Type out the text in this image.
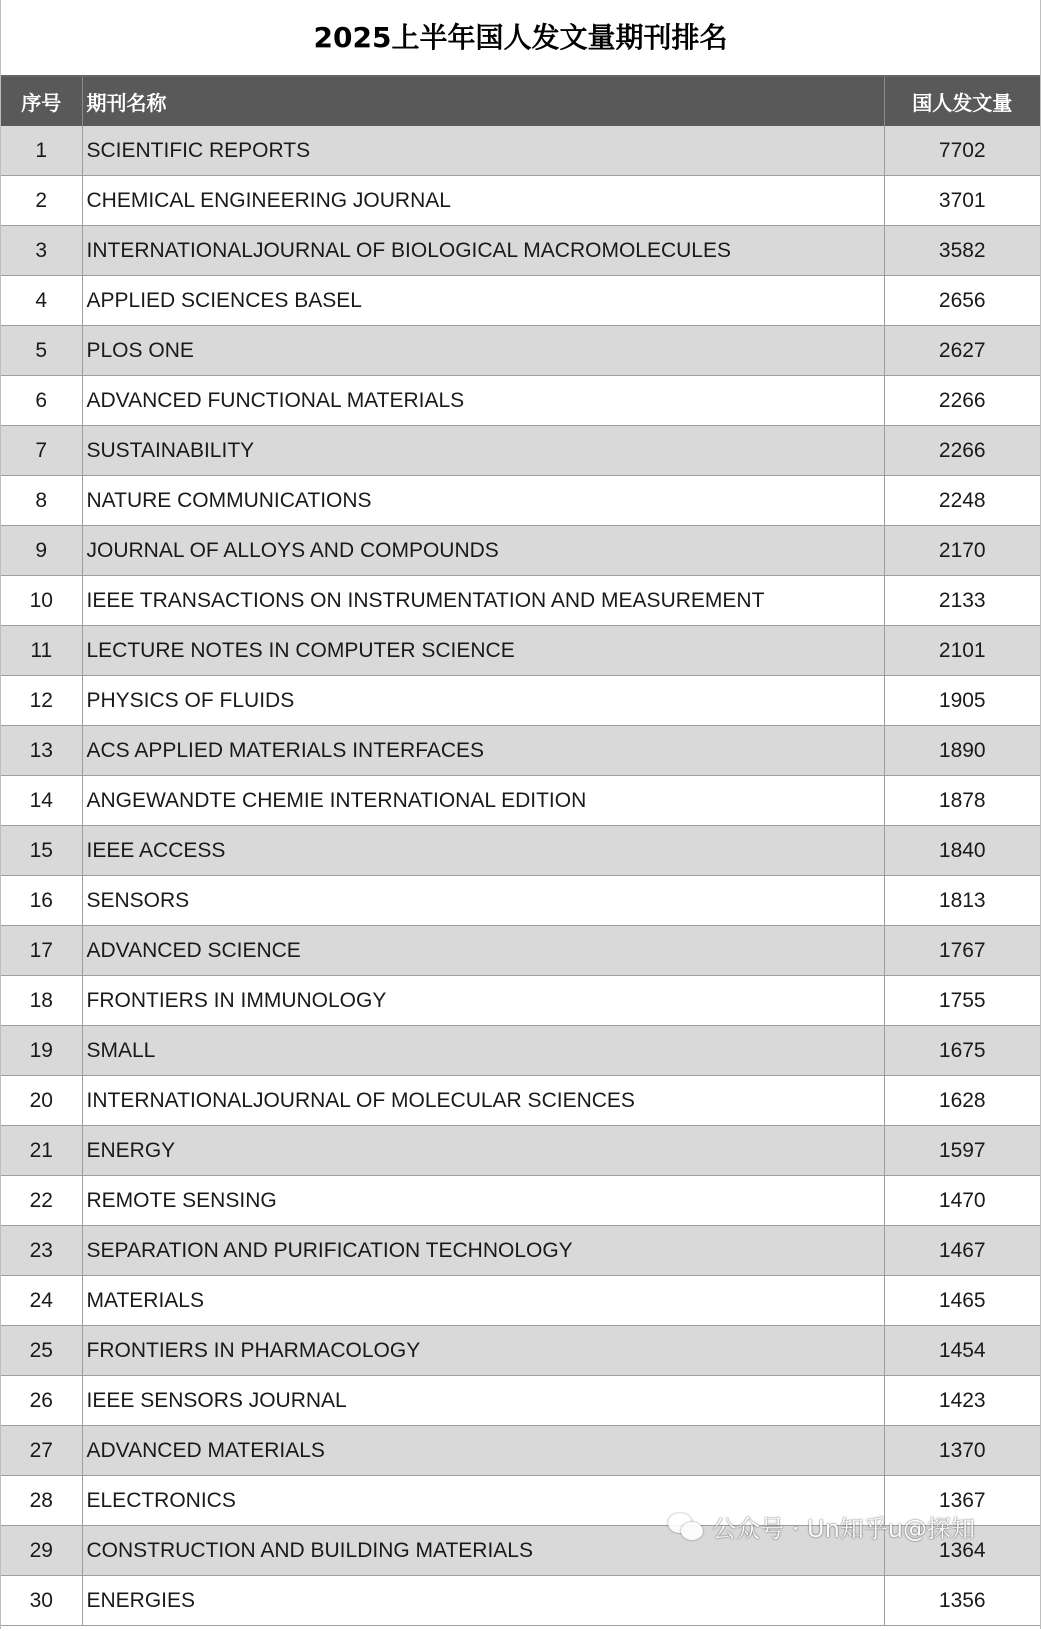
2025上半年国人发文量期刊排名
序号	期刊名称	国人发文量
1	SCIENTIFIC REPORTS	7702
2	CHEMICAL ENGINEERING JOURNAL	3701
3	INTERNATIONALJOURNAL OF BIOLOGICAL MACROMOLECULES	3582
4	APPLIED SCIENCES BASEL	2656
5	PLOS ONE	2627
6	ADVANCED FUNCTIONAL MATERIALS	2266
7	SUSTAINABILITY	2266
8	NATURE COMMUNICATIONS	2248
9	JOURNAL OF ALLOYS AND COMPOUNDS	2170
10	IEEE TRANSACTIONS ON INSTRUMENTATION AND MEASUREMENT	2133
11	LECTURE NOTES IN COMPUTER SCIENCE	2101
12	PHYSICS OF FLUIDS	1905
13	ACS APPLIED MATERIALS INTERFACES	1890
14	ANGEWANDTE CHEMIE INTERNATIONAL EDITION	1878
15	IEEE ACCESS	1840
16	SENSORS	1813
17	ADVANCED SCIENCE	1767
18	FRONTIERS IN IMMUNOLOGY	1755
19	SMALL	1675
20	INTERNATIONALJOURNAL OF MOLECULAR SCIENCES	1628
21	ENERGY	1597
22	REMOTE SENSING	1470
23	SEPARATION AND PURIFICATION TECHNOLOGY	1467
24	MATERIALS	1465
25	FRONTIERS IN PHARMACOLOGY	1454
26	IEEE SENSORS JOURNAL	1423
27	ADVANCED MATERIALS	1370
28	ELECTRONICS	1367
29	CONSTRUCTION AND BUILDING MATERIALS	1364
30	ENERGIES	1356
公众号 · Un知乎u@探知
